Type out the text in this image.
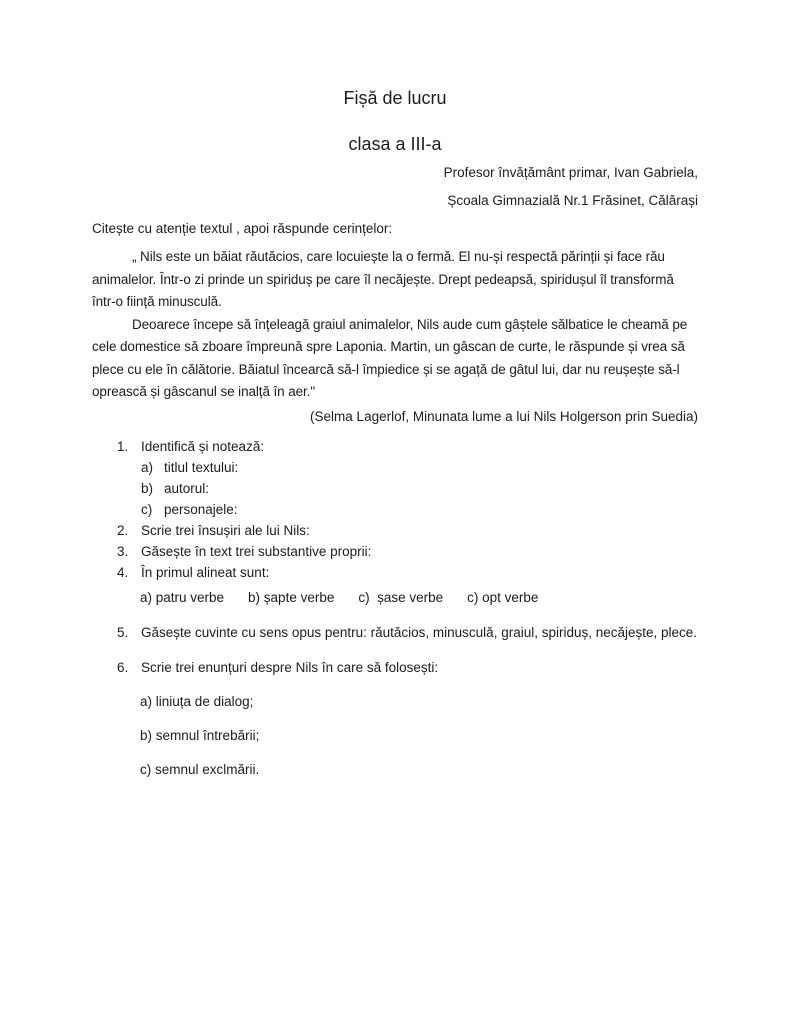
Fișă de lucru
clasa a III-a
Profesor învățământ primar, Ivan Gabriela,
Școala Gimnazială Nr.1 Frăsinet, Călărași
Citește cu atenție textul , apoi răspunde cerințelor:

„ Nils este un băiat răutăcios, care locuiește la o fermă. El nu-și respectă părinții și face rău animalelor. Într-o zi prinde un spiriduș pe care îl necăjește. Drept pedeapsă, spiridușul îl transformă într-o ființă minusculă.

Deoarece începe să înțeleagă graiul animalelor, Nils aude cum gâștele sălbatice le cheamă pe cele domestice să zboare împreună spre Laponia. Martin, un gâscan de curte, le răspunde și vrea să plece cu ele în călătorie. Băiatul încearcă să-l împiedice și se agață de gâtul lui, dar nu reușește să-l oprească și gâscanul se inalță în aer."

(Selma Lagerlof, Minunata lume a lui Nils Holgerson prin Suedia)
1. Identifică și notează:
a) titlul textului:
b) autorul:
c) personajele:
2. Scrie trei însușiri ale lui Nils:
3. Găsește în text trei substantive proprii:
4. În primul alineat sunt:
a) patru verbe b) șapte verbe c)  șase verbe c) opt verbe
5. Găsește cuvinte cu sens opus pentru: răutăcios, minusculă, graiul, spiriduș, necăjește, plece.
6. Scrie trei enunțuri despre Nils în care să folosești:
a) liniuța de dialog;
b) semnul întrebării;
c) semnul exclmării.
